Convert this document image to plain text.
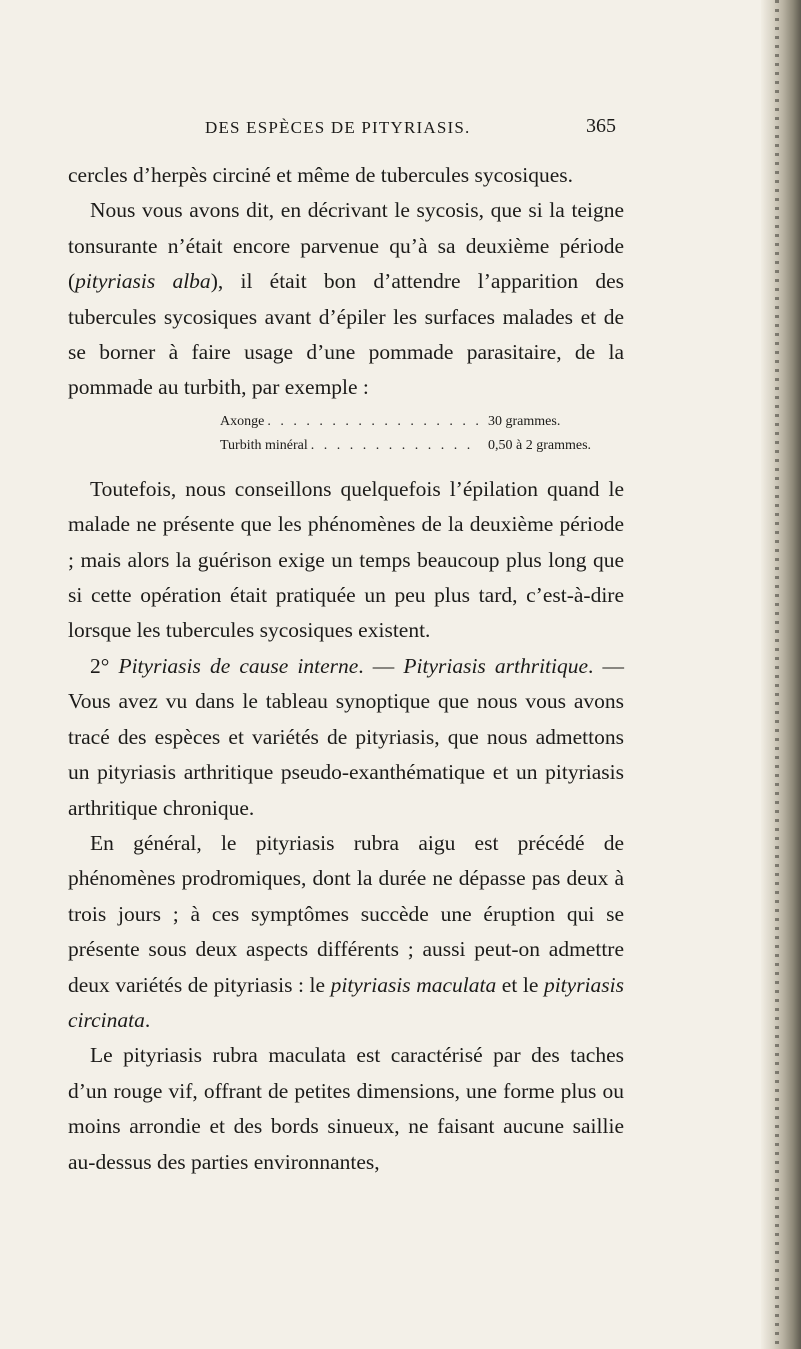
DES ESPÈCES DE PITYRIASIS.	365

cercles d’herpès circiné et même de tubercules sycosiques.

Nous vous avons dit, en décrivant le sycosis, que si la teigne tonsurante n’était encore parvenue qu’à sa deuxième période (pityriasis alba), il était bon d’attendre l’apparition des tubercules sycosiques avant d’épiler les surfaces malades et de se borner à faire usage d’une pommade parasitaire, de la pommade au turbith, par exemple :

Axonge . . .	30 grammes.
Turbith minéral . . .	0,50 à 2 grammes.

Toutefois, nous conseillons quelquefois l’épilation quand le malade ne présente que les phénomènes de la deuxième période ; mais alors la guérison exige un temps beaucoup plus long que si cette opération était pratiquée un peu plus tard, c’est-à-dire lorsque les tubercules sycosiques existent.

2° Pityriasis de cause interne. — Pityriasis arthritique. — Vous avez vu dans le tableau synoptique que nous vous avons tracé des espèces et variétés de pityriasis, que nous admettons un pityriasis arthritique pseudo-exanthématique et un pityriasis arthritique chronique.

En général, le pityriasis rubra aigu est précédé de phénomènes prodromiques, dont la durée ne dépasse pas deux à trois jours ; à ces symptômes succède une éruption qui se présente sous deux aspects différents ; aussi peut-on admettre deux variétés de pityriasis : le pityriasis maculata et le pityriasis circinata.

Le pityriasis rubra maculata est caractérisé par des taches d’un rouge vif, offrant de petites dimensions, une forme plus ou moins arrondie et des bords sinueux, ne faisant aucune saillie au-dessus des parties environnantes,
